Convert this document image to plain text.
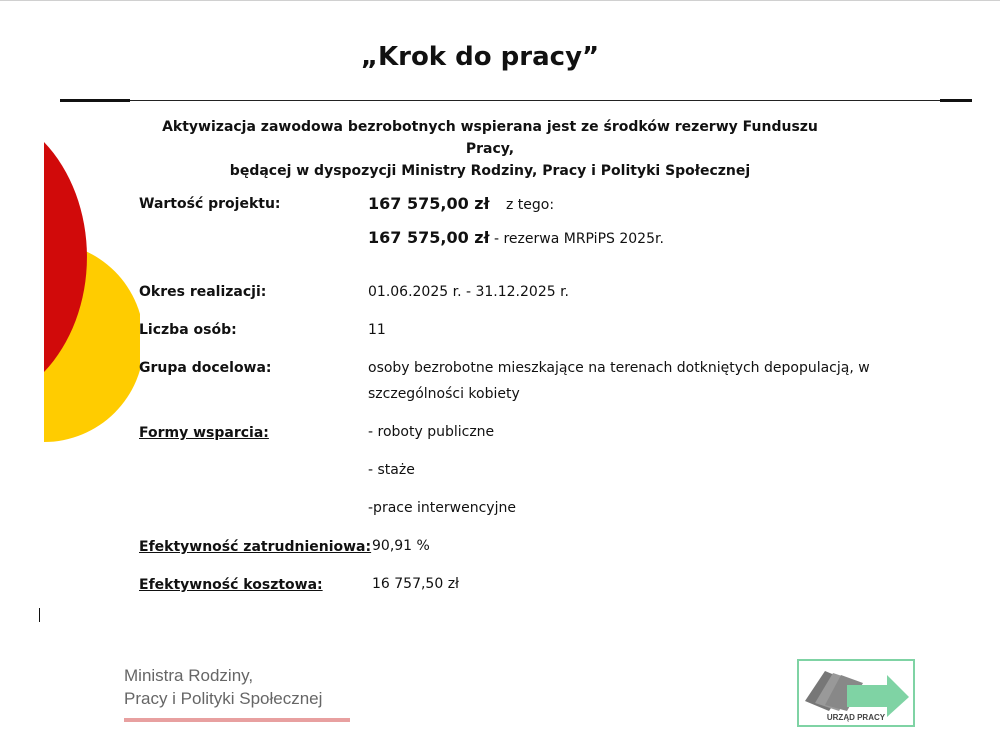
„Krok do pracy”
Aktywizacja zawodowa bezrobotnych wspierana jest ze środków rezerwy Funduszu Pracy,
będącej w dyspozycji Ministry Rodziny, Pracy i Polityki Społecznej
Wartość projektu:	167 575,00 zł z tego:
167 575,00 zł - rezerwa MRPiPS 2025r.
Okres realizacji:	01.06.2025 r. - 31.12.2025 r.
Liczba osób:	11
Grupa docelowa:	osoby bezrobotne mieszkające na terenach dotkniętych depopulacją, w szczególności kobiety
Formy wsparcia:	- roboty publiczne
- staże
-prace interwencyjne
Efektywność zatrudnieniowa: 90,91 %
Efektywność kosztowa:	16 757,50 zł
Ministra Rodziny,
Pracy i Polityki Społecznej
URZĄD PRACY
